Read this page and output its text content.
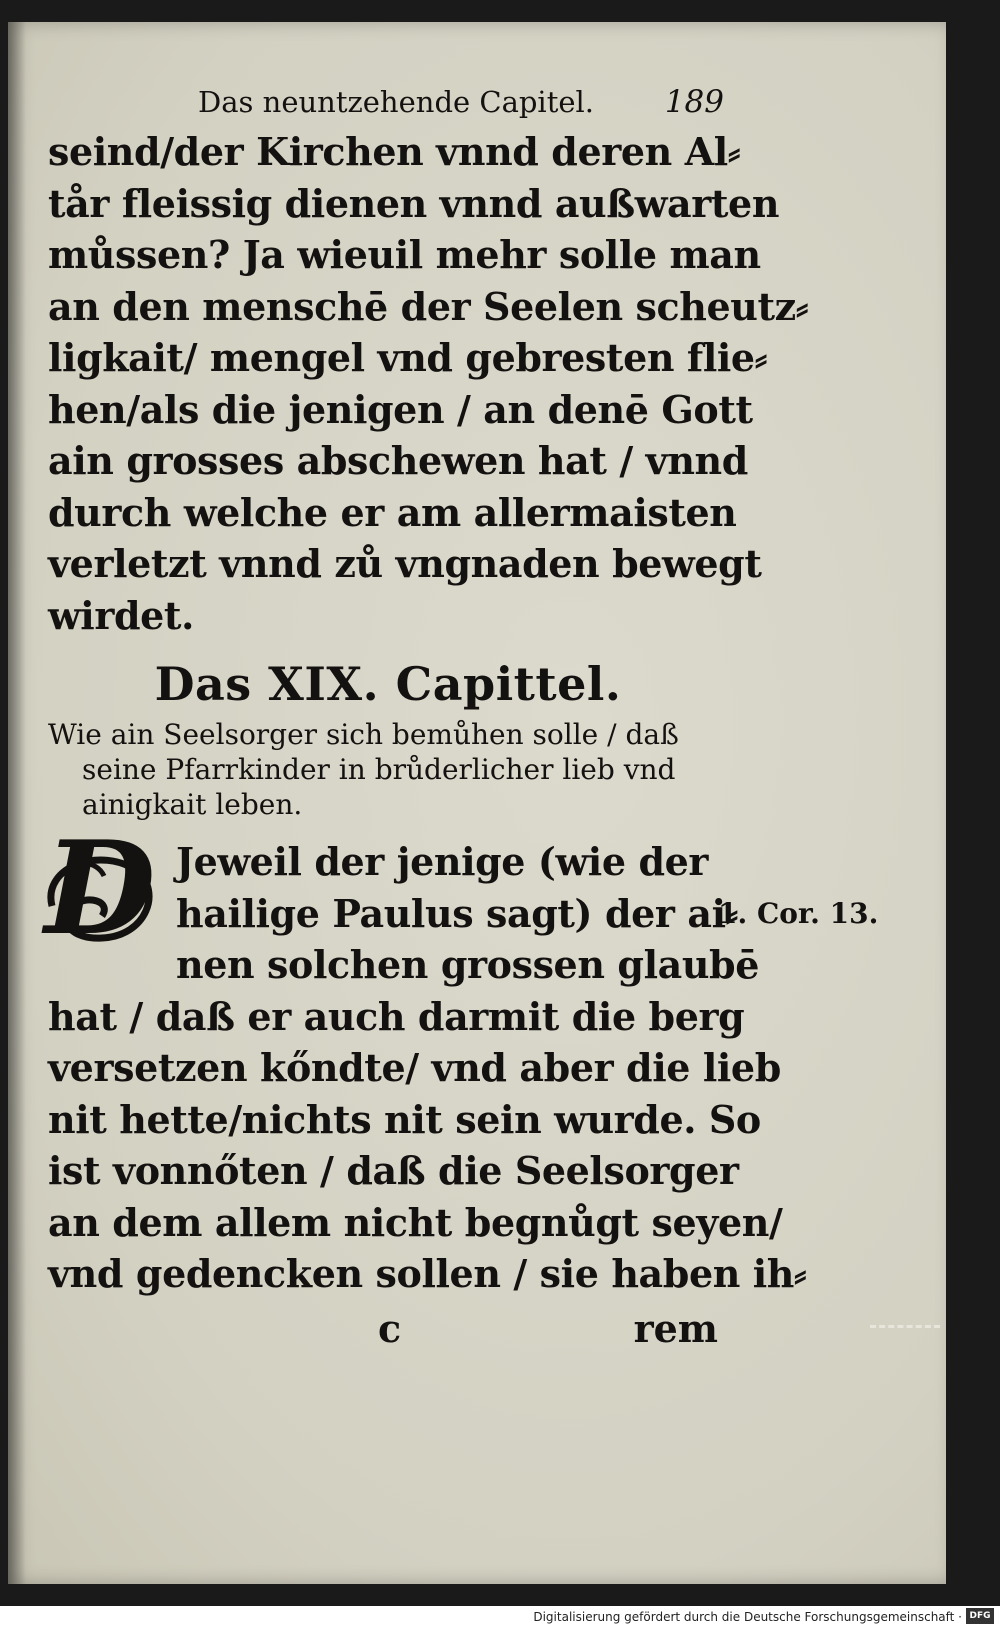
Das neuntzehende Capitel. 189
seind/der Kirchen vnnd deren Al⸗
tår fleissig dienen vnnd außwarten
můssen? Ja wieuil mehr solle man
an den menschē der Seelen scheutz⸗
ligkait/ mengel vnd gebresten flie⸗
hen/als die jenigen / an denē Gott
ain grosses abschewen hat / vnnd
durch welche er am allermaisten
verletzt vnnd zů vngnaden bewegt
wirdet.
Das XIX. Capittel.
Wie ain Seelsorger sich bemůhen solle / daß
seine Pfarrkinder in brůderlicher lieb vnd
ainigkait leben.
D Jeweil der jenige (wie der
hailige Paulus sagt) der ai⸗
nen solchen grossen glaubē
hat / daß er auch darmit die berg
versetzen kőndte/ vnd aber die lieb
nit hette/nichts nit sein wurde. So
ist vonnőten / daß die Seelsorger
an dem allem nicht begnůgt seyen/
vnd gedencken sollen / sie haben ih⸗
c	rem
1. Cor. 13.
Digitalisierung gefördert durch die Deutsche Forschungsgemeinschaft · DFG
